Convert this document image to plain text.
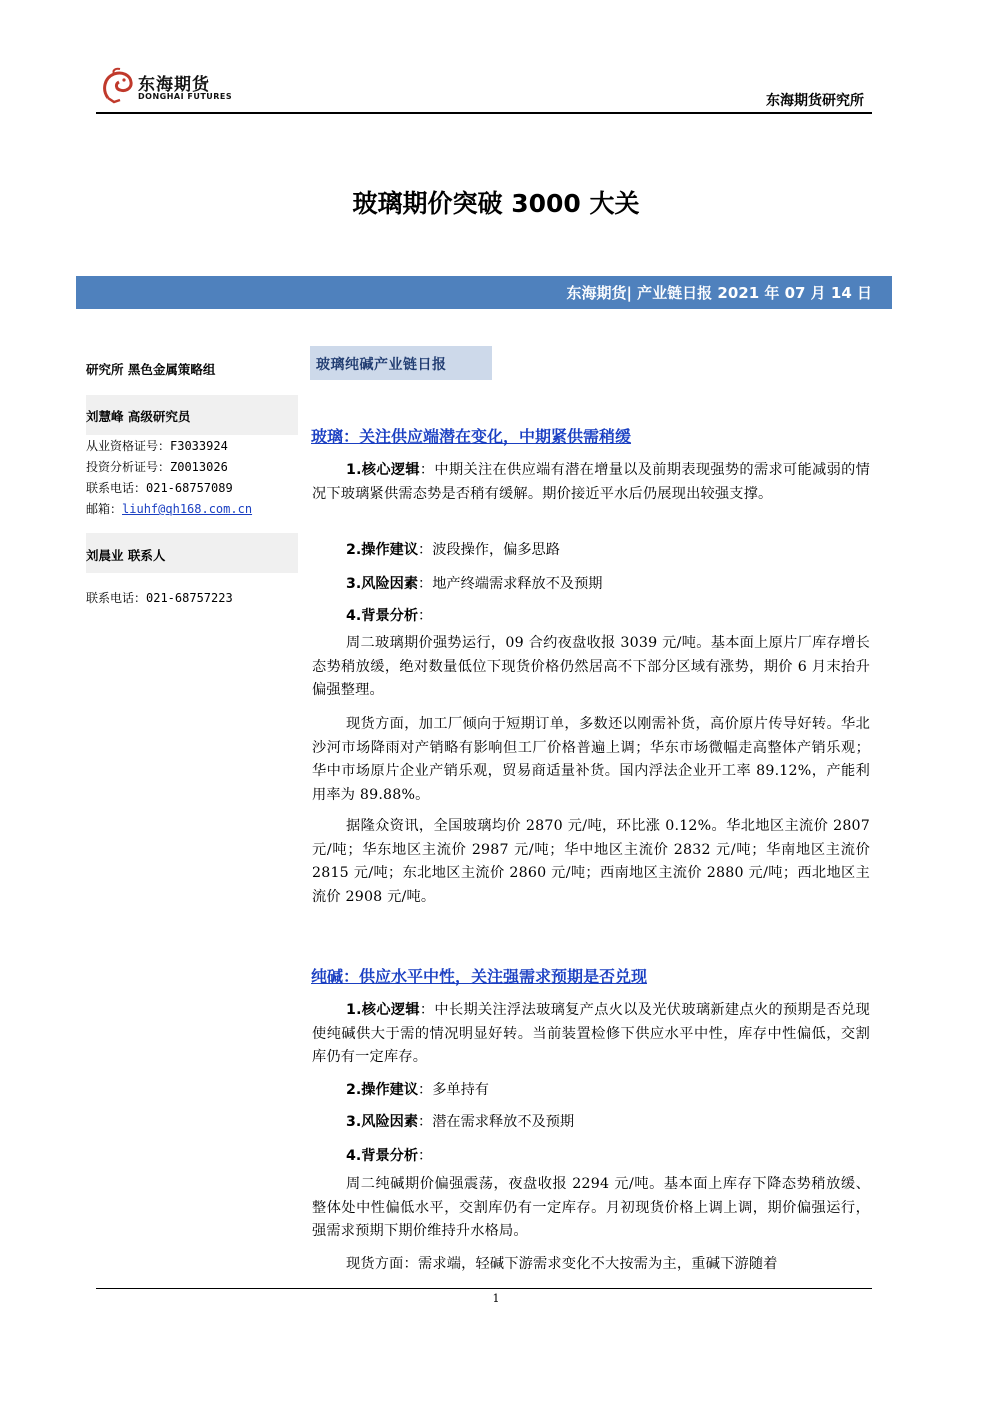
东海期货
DONGHAI FUTURES	东海期货研究所
玻璃期价突破 3000 大关
东海期货| 产业链日报 2021 年 07 月 14 日
研究所 黑色金属策略组
刘慧峰 高级研究员
从业资格证号：F3033924
投资分析证号：Z0013026
联系电话：021-68757089
邮箱：liuhf@qh168.com.cn
刘晨业 联系人
联系电话：021-68757223
玻璃纯碱产业链日报
玻璃：关注供应端潜在变化，中期紧供需稍缓
1.核心逻辑：中期关注在供应端有潜在增量以及前期表现强势的需求可能减弱的情况下玻璃紧供需态势是否稍有缓解。期价接近平水后仍展现出较强支撑。
2.操作建议：波段操作，偏多思路
3.风险因素：地产终端需求释放不及预期
4.背景分析：
周二玻璃期价强势运行，09 合约夜盘收报 3039 元/吨。基本面上原片厂库存增长态势稍放缓，绝对数量低位下现货价格仍然居高不下部分区域有涨势，期价 6 月末抬升偏强整理。
现货方面，加工厂倾向于短期订单，多数还以刚需补货，高价原片传导好转。华北沙河市场降雨对产销略有影响但工厂价格普遍上调；华东市场微幅走高整体产销乐观；华中市场原片企业产销乐观，贸易商适量补货。国内浮法企业开工率 89.12%，产能利用率为 89.88%。
据隆众资讯，全国玻璃均价 2870 元/吨，环比涨 0.12%。华北地区主流价 2807 元/吨；华东地区主流价 2987 元/吨；华中地区主流价 2832 元/吨；华南地区主流价 2815 元/吨；东北地区主流价 2860 元/吨；西南地区主流价 2880 元/吨；西北地区主流价 2908 元/吨。
纯碱：供应水平中性，关注强需求预期是否兑现
1.核心逻辑：中长期关注浮法玻璃复产点火以及光伏玻璃新建点火的预期是否兑现使纯碱供大于需的情况明显好转。当前装置检修下供应水平中性，库存中性偏低，交割库仍有一定库存。
2.操作建议：多单持有
3.风险因素：潜在需求释放不及预期
4.背景分析：
周二纯碱期价偏强震荡，夜盘收报 2294 元/吨。基本面上库存下降态势稍放缓、整体处中性偏低水平，交割库仍有一定库存。月初现货价格上调上调，期价偏强运行，强需求预期下期价维持升水格局。
现货方面：需求端，轻碱下游需求变化不大按需为主，重碱下游随着
1
